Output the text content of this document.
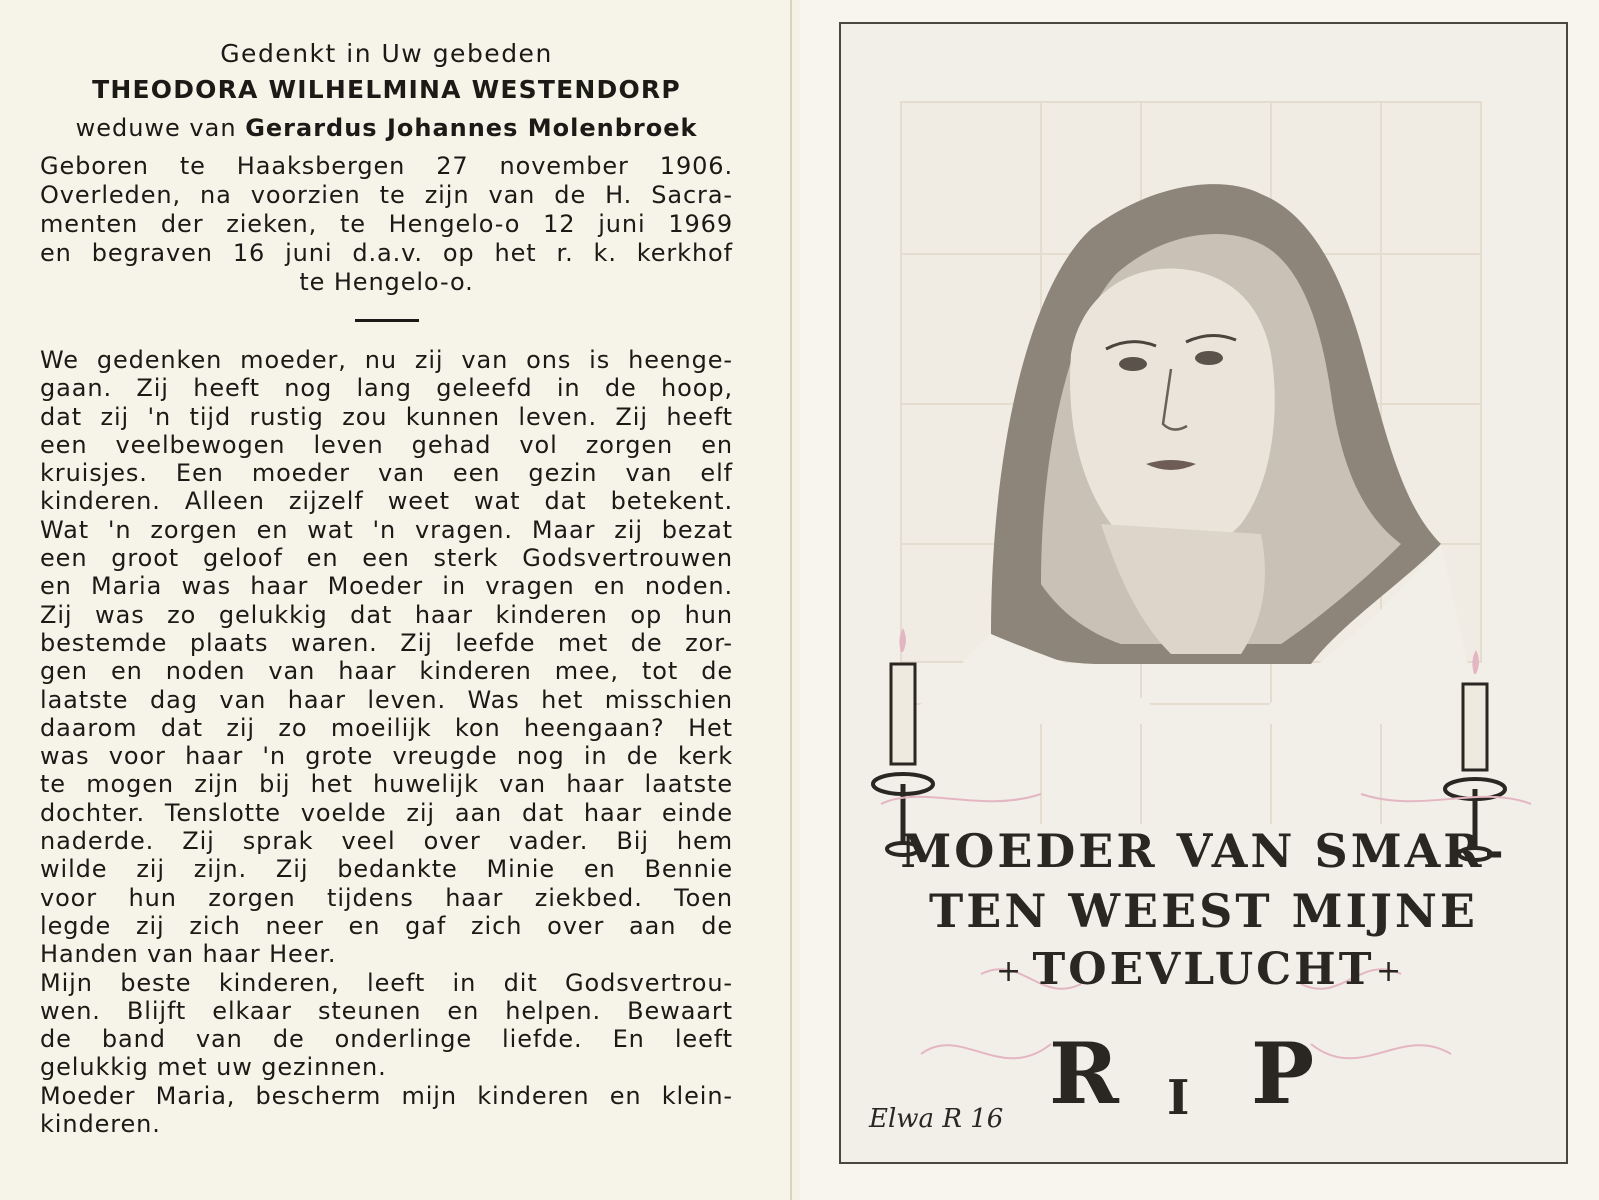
Gedenkt in Uw gebeden

THEODORA WILHELMINA WESTENDORP

weduwe van Gerardus Johannes Molenbroek

Geboren te Haaksbergen 27 november 1906.

Overleden, na voorzien te zijn van de H. Sacra-

menten der zieken, te Hengelo-o 12 juni 1969

en begraven 16 juni d.a.v. op het r. k. kerkhof

te Hengelo-o.

We gedenken moeder, nu zij van ons is heenge-

gaan. Zij heeft nog lang geleefd in de hoop,

dat zij 'n tijd rustig zou kunnen leven. Zij heeft

een veelbewogen leven gehad vol zorgen en

kruisjes. Een moeder van een gezin van elf

kinderen. Alleen zijzelf weet wat dat betekent.

Wat 'n zorgen en wat 'n vragen. Maar zij bezat

een groot geloof en een sterk Godsvertrouwen

en Maria was haar Moeder in vragen en noden.

Zij was zo gelukkig dat haar kinderen op hun

bestemde plaats waren. Zij leefde met de zor-

gen en noden van haar kinderen mee, tot de

laatste dag van haar leven. Was het misschien

daarom dat zij zo moeilijk kon heengaan? Het

was voor haar 'n grote vreugde nog in de kerk

te mogen zijn bij het huwelijk van haar laatste

dochter. Tenslotte voelde zij aan dat haar einde

naderde. Zij sprak veel over vader. Bij hem

wilde zij zijn. Zij bedankte Minie en Bennie

voor hun zorgen tijdens haar ziekbed. Toen

legde zij zich neer en gaf zich over aan de

Handen van haar Heer.

Mijn beste kinderen, leeft in dit Godsvertrou-

wen. Blijft elkaar steunen en helpen. Bewaart

de band van de onderlinge liefde. En leeft

gelukkig met uw gezinnen.

Moeder Maria, bescherm mijn kinderen en klein-

kinderen.

MOEDER VAN SMAR-
TEN WEEST MIJNE
+ TOEVLUCHT +
R I P
Elwa R 16
